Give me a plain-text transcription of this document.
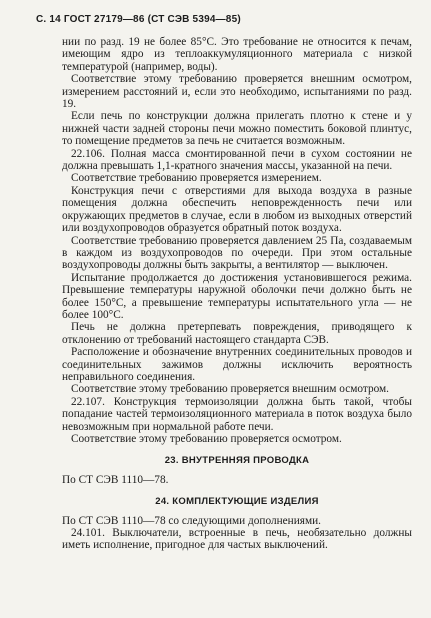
С. 14 ГОСТ 27179—86 (СТ СЭВ 5394—85)

нии по разд. 19 не более 85°С. Это требование не относится к печам, имеющим ядро из теплоаккумуляционного материала с низкой температурой (например, воды).

Соответствие этому требованию проверяется внешним осмотром, измерением расстояний и, если это необходимо, испытаниями по разд. 19.

Если печь по конструкции должна прилегать плотно к стене и у нижней части задней стороны печи можно поместить боковой плинтус, то помещение предметов за печь не считается возможным.

22.106. Полная масса смонтированной печи в сухом состоянии не должна превышать 1,1-кратного значения массы, указанной на печи.

Соответствие требованию проверяется измерением.

Конструкция печи с отверстиями для выхода воздуха в разные помещения должна обеспечить неповрежденность печи или окружающих предметов в случае, если в любом из выходных отверстий или воздухопроводов образуется обратный поток воздуха.

Соответствие требованию проверяется давлением 25 Па, создаваемым в каждом из воздухопроводов по очереди. При этом остальные воздухопроводы должны быть закрыты, а вентилятор — выключен.

Испытание продолжается до достижения установившегося режима. Превышение температуры наружной оболочки печи должно быть не более 150°С, а превышение температуры испытательного угла — не более 100°С.

Печь не должна претерпевать повреждения, приводящего к отклонению от требований настоящего стандарта СЭВ.

Расположение и обозначение внутренних соединительных проводов и соединительных зажимов должны исключить вероятность неправильного соединения.

Соответствие этому требованию проверяется внешним осмотром.

22.107. Конструкция термоизоляции должна быть такой, чтобы попадание частей термоизоляционного материала в поток воздуха было невозможным при нормальной работе печи.

Соответствие этому требованию проверяется осмотром.

23. ВНУТРЕННЯЯ ПРОВОДКА

По СТ СЭВ 1110—78.

24. КОМПЛЕКТУЮЩИЕ ИЗДЕЛИЯ

По СТ СЭВ 1110—78 со следующими дополнениями.

24.101. Выключатели, встроенные в печь, необязательно должны иметь исполнение, пригодное для частых выключений.
